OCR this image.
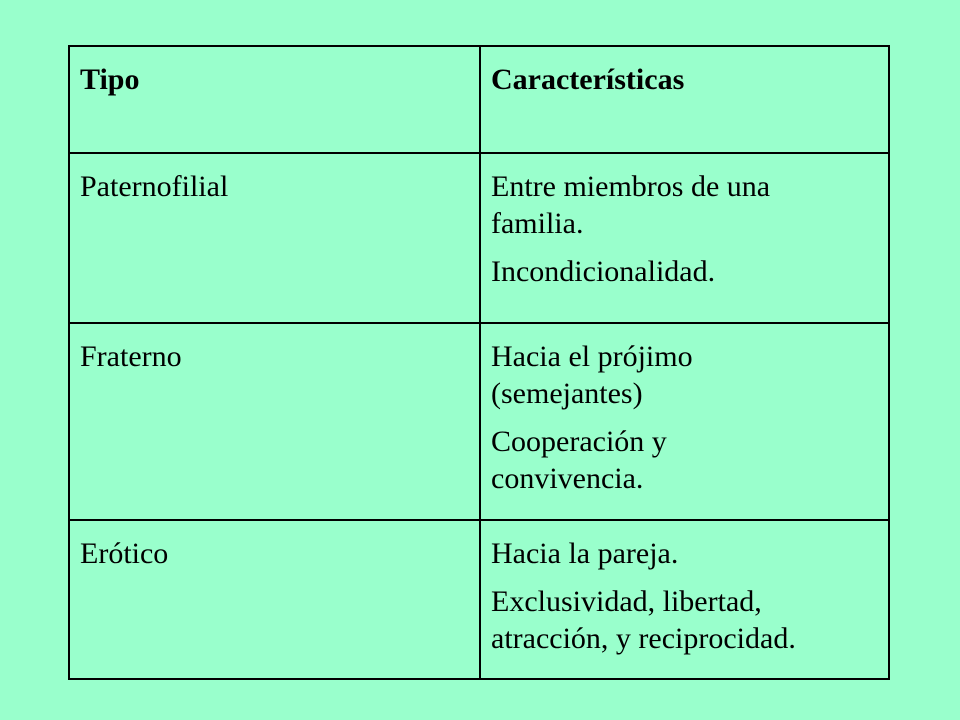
Tipo	Características
Paternofilial	Entre miembros de una
familia.
Incondicionalidad.

Fraterno	Hacia el prójimo
(semejantes)
Cooperación y
convivencia.

Erótico	Hacia la pareja.
Exclusividad, libertad,
atracción, y reciprocidad.
